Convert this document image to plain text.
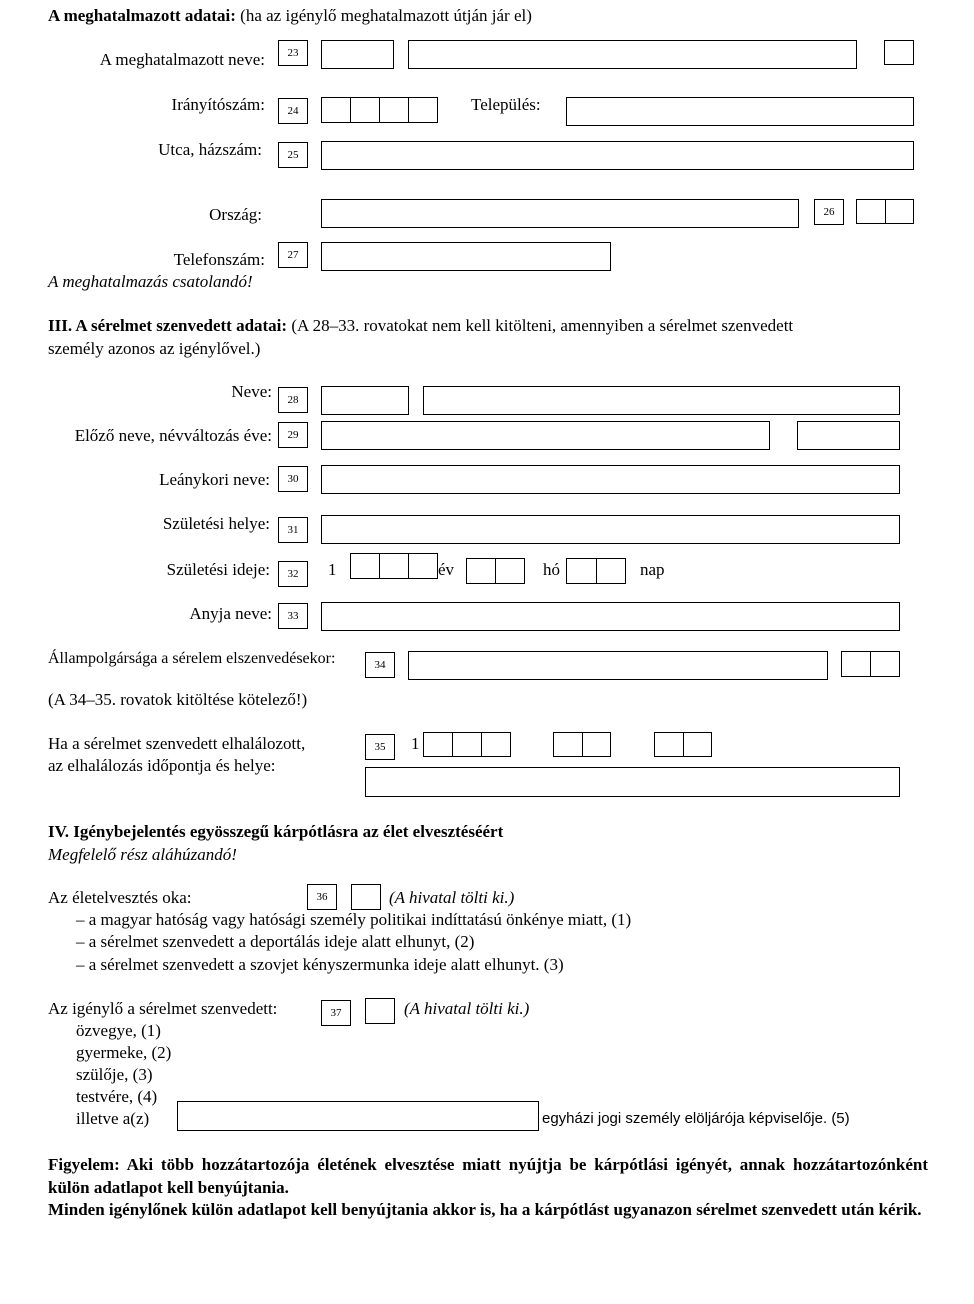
A meghatalmazott adatai: (ha az igénylő meghatalmazott útján jár el)
A meghatalmazott neve:	23
Irányítószám:	24	Település:
Utca, házszám:	25
Ország:	26
Telefonszám:	27
A meghatalmazás csatolandó!
III. A sérelmet szenvedett adatai: (A 28–33. rovatokat nem kell kitölteni, amennyiben a sérelmet szenvedett
személy azonos az igénylővel.)
Neve:	28
Előző neve, névváltozás éve:	29
Leánykori neve:	30
Születési helye:	31
Születési ideje:	32	1	év	hó	nap
Anyja neve:	33
Állampolgársága a sérelem elszenvedésekor:	34
(A 34–35. rovatok kitöltése kötelező!)
Ha a sérelmet szenvedett elhalálozott,
az elhalálozás időpontja és helye:
35	1
IV. Igénybejelentés egyösszegű kárpótlásra az élet elvesztéséért
Megfelelő rész aláhúzandó!
Az életelvesztés oka:	36	(A hivatal tölti ki.)
– a magyar hatóság vagy hatósági személy politikai indíttatású önkénye miatt, (1)
– a sérelmet szenvedett a deportálás ideje alatt elhunyt, (2)
– a sérelmet szenvedett a szovjet kényszermunka ideje alatt elhunyt. (3)
Az igénylő a sérelmet szenvedett:	37	(A hivatal tölti ki.)
özvegye, (1)
gyermeke, (2)
szülője, (3)
testvére, (4)
illetve a(z)	egyházi jogi személy elöljárója képviselője. (5)
Figyelem: Aki több hozzátartozója életének elvesztése miatt nyújtja be kárpótlási igényét, annak hozzátartozónként külön adatlapot kell benyújtania.
Minden igénylőnek külön adatlapot kell benyújtania akkor is, ha a kárpótlást ugyanazon sérelmet szenvedett után kérik.
